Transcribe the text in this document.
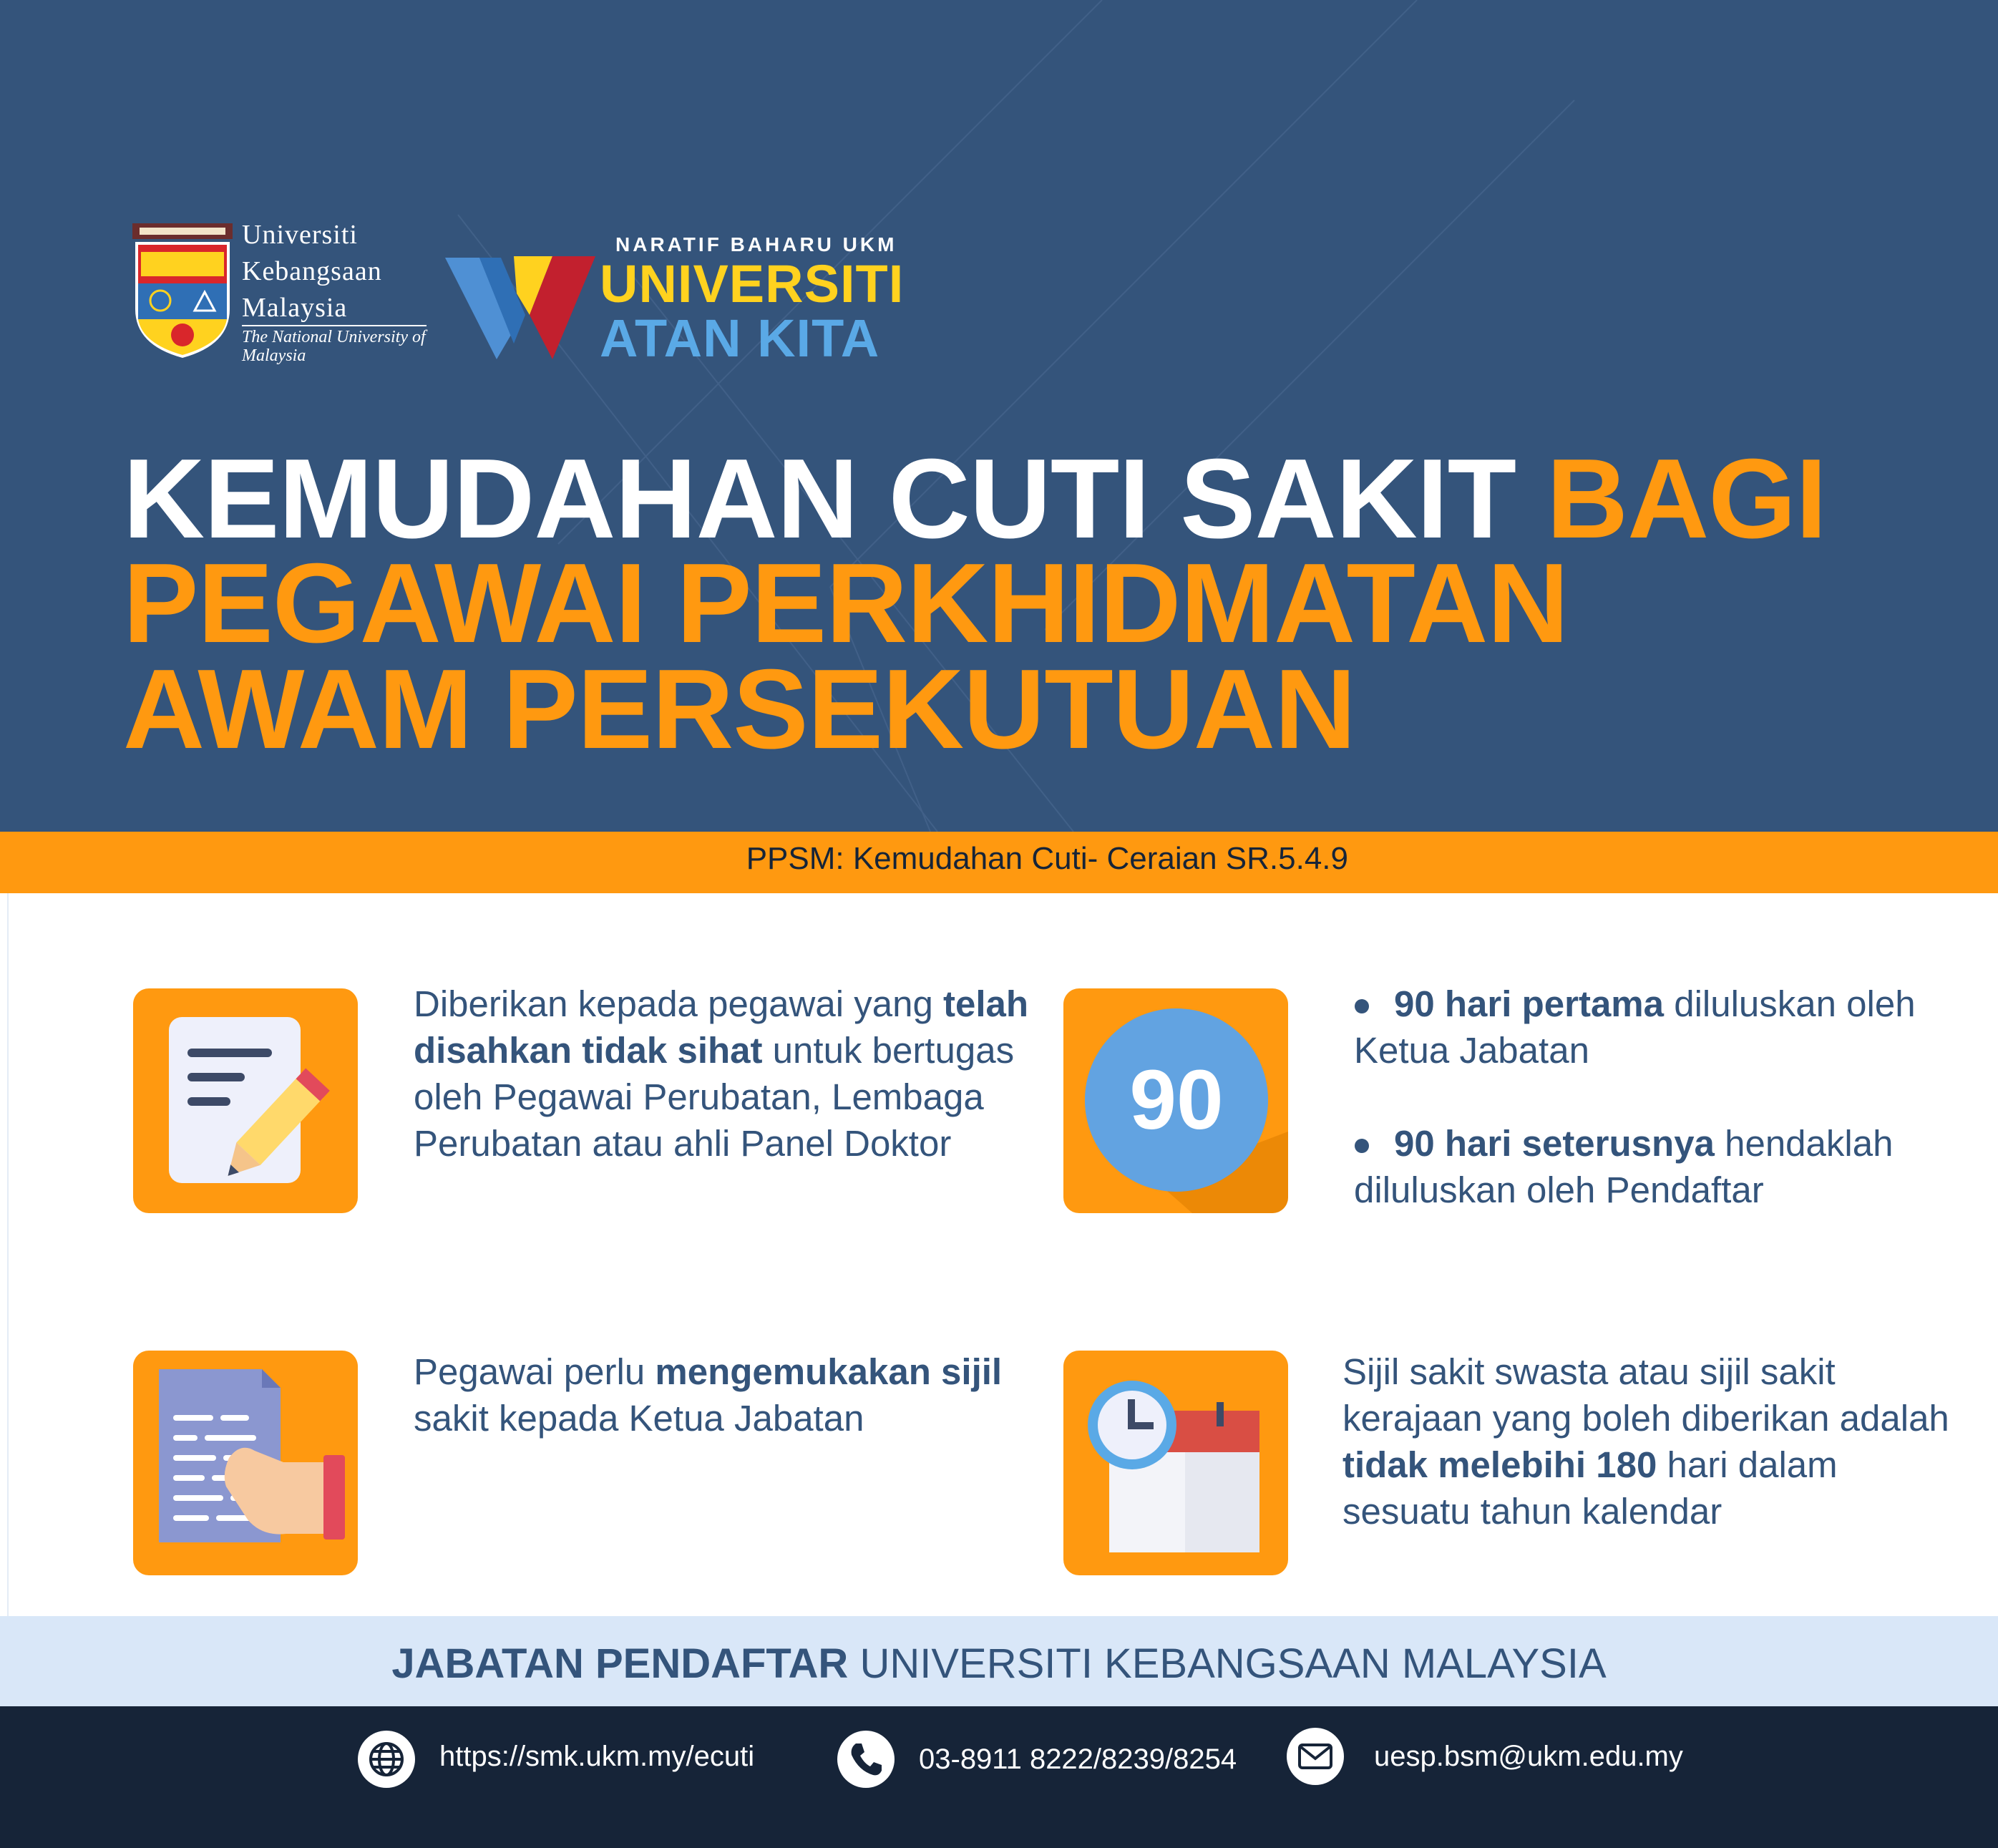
Universiti
Kebangsaan
Malaysia
The National University of Malaysia
NARATIF BAHARU UKM
UNIVERSITI
ATAN KITA
KEMUDAHAN CUTI SAKIT BAGI
PEGAWAI PERKHIDMATAN
AWAM PERSEKUTUAN
PPSM: Kemudahan Cuti- Ceraian SR.5.4.9
Diberikan kepada pegawai yang telah disahkan tidak sihat untuk bertugas oleh Pegawai Perubatan, Lembaga Perubatan atau ahli Panel Doktor	90
90 hari pertama diluluskan oleh Ketua Jabatan
90 hari seterusnya hendaklah diluluskan oleh Pendaftar
Pegawai perlu mengemukakan sijil sakit kepada Ketua Jabatan
Sijil sakit swasta atau sijil sakit kerajaan yang boleh diberikan adalah tidak melebihi 180 hari dalam sesuatu tahun kalendar
JABATAN PENDAFTAR UNIVERSITI KEBANGSAAN MALAYSIA
https://smk.ukm.my/ecuti	03-8911 8222/8239/8254	uesp.bsm@ukm.edu.my
